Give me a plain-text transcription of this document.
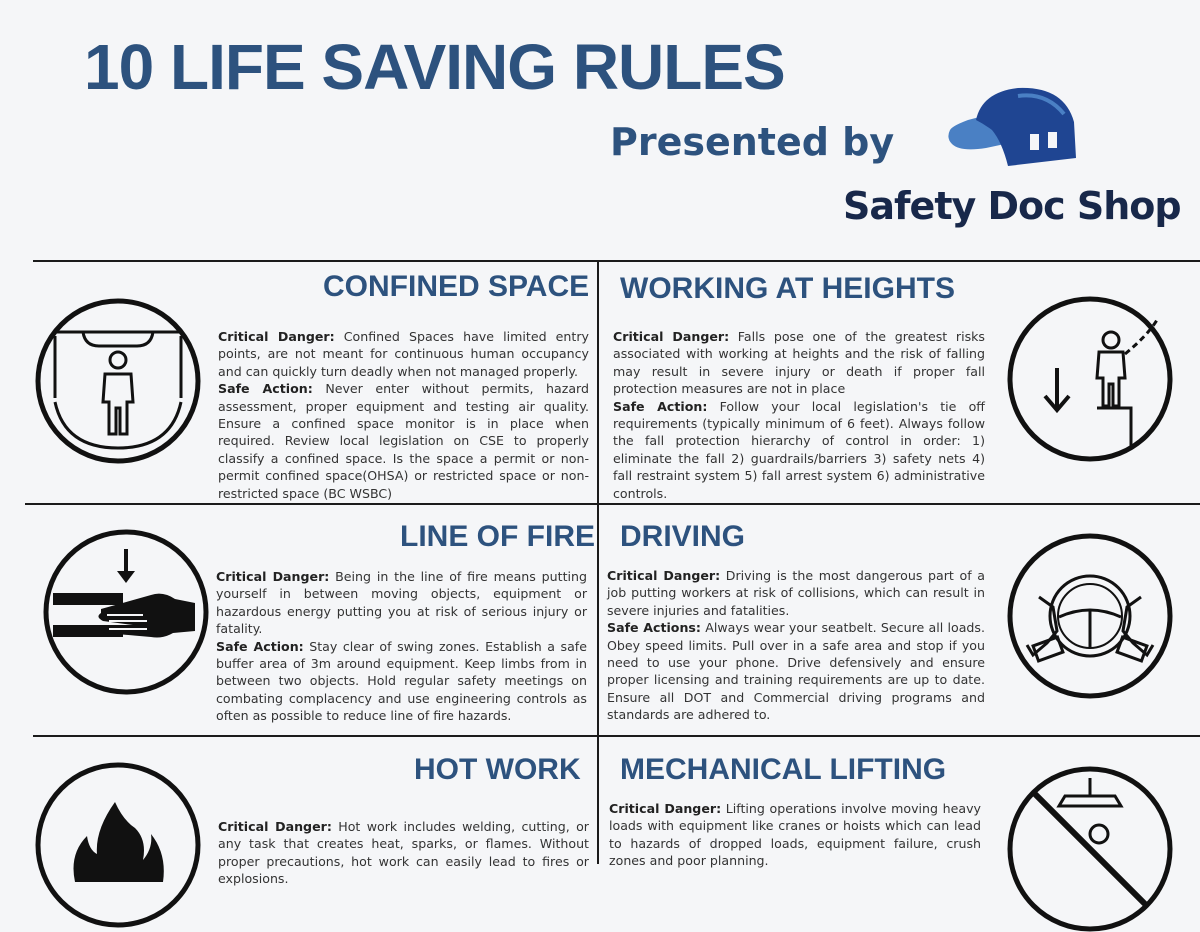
10 LIFE SAVING RULES
Presented by
Safety Doc Shop
CONFINED SPACE

Critical Danger: Confined Spaces have limited entry points, are not meant for continuous human occupancy and can quickly turn deadly when not managed properly.
Safe Action: Never enter without permits, hazard assessment, proper equipment and testing air quality. Ensure a confined space monitor is in place when required. Review local legislation on CSE to properly classify a confined space. Is the space a permit or non-permit confined space(OHSA) or restricted space or non-restricted space (BC WSBC)

WORKING AT HEIGHTS

Critical Danger: Falls pose one of the greatest risks associated with working at heights and the risk of falling may result in severe injury or death if proper fall protection measures are not in place
Safe Action: Follow your local legislation's tie off requirements (typically minimum of 6 feet). Always follow the fall protection hierarchy of control in order: 1) eliminate the fall 2) guardrails/barriers 3) safety nets 4) fall restraint system 5) fall arrest system 6) administrative controls.

LINE OF FIRE

Critical Danger: Being in the line of fire means putting yourself in between moving objects, equipment or hazardous energy putting you at risk of serious injury or fatality.
Safe Action: Stay clear of swing zones. Establish a safe buffer area of 3m around equipment. Keep limbs from in between two objects. Hold regular safety meetings on combating complacency and use engineering controls as often as possible to reduce line of fire hazards.

DRIVING

Critical Danger: Driving is the most dangerous part of a job putting workers at risk of collisions, which can result in severe injuries and fatalities.
Safe Actions: Always wear your seatbelt. Secure all loads. Obey speed limits. Pull over in a safe area and stop if you need to use your phone. Drive defensively and ensure proper licensing and training requirements are up to date. Ensure all DOT and Commercial driving programs and standards are adhered to.

HOT WORK

Critical Danger: Hot work includes welding, cutting, or any task that creates heat, sparks, or flames. Without proper precautions, hot work can easily lead to fires or explosions.

MECHANICAL LIFTING

Critical Danger: Lifting operations involve moving heavy loads with equipment like cranes or hoists which can lead to hazards of dropped loads, equipment failure, crush zones and poor planning.
